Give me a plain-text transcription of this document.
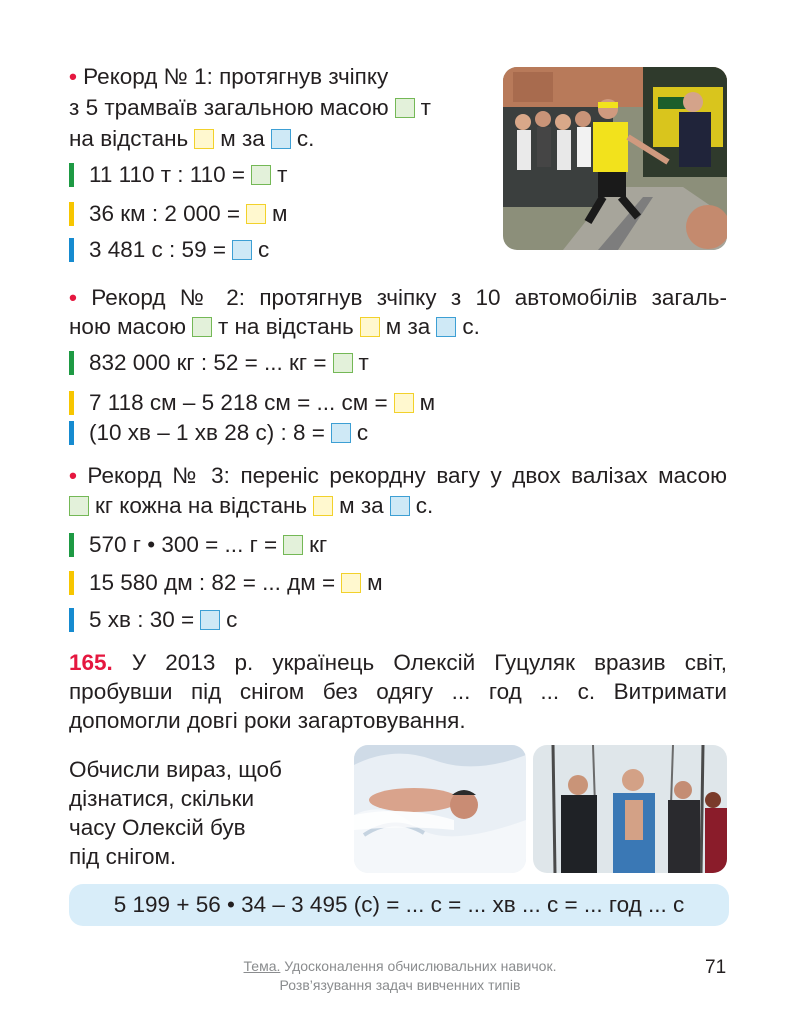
• Рекорд № 1: протягнув зчіпку
з 5 трамваїв загальною масою т
на відстань м за с.
11 110 т : 110 = т
36 км : 2 000 = м
3 481 с : 59 = с
• Рекорд № 2: протягнув зчіпку з 10 автомобілів загаль-
ною масою т на відстань м за с.
832 000 кг : 52 = ... кг = т
7 118 см – 5 218 см = ... см = м
(10 хв – 1 хв 28 с) : 8 = с
• Рекорд № 3: переніс рекордну вагу у двох валізах масою
кг кожна на відстань м за с.
570 г • 300 = ... г = кг
15 580 дм : 82 = ... дм = м
5 хв : 30 = с
165. У 2013 р. українець Олексій Гуцуляк вразив світ,
пробувши під снігом без одягу ... год ... с. Витримати
допомогли довгі роки загартовування.
Обчисли вираз, щоб
дізнатися, скільки
часу Олексій був
під снігом.
5 199 + 56 • 34 – 3 495 (с) = ... с = ... хв ... с = ... год ... с
Тема. Удосконалення обчислювальних навичок.
Розв’язування задач вивченних типів
71
